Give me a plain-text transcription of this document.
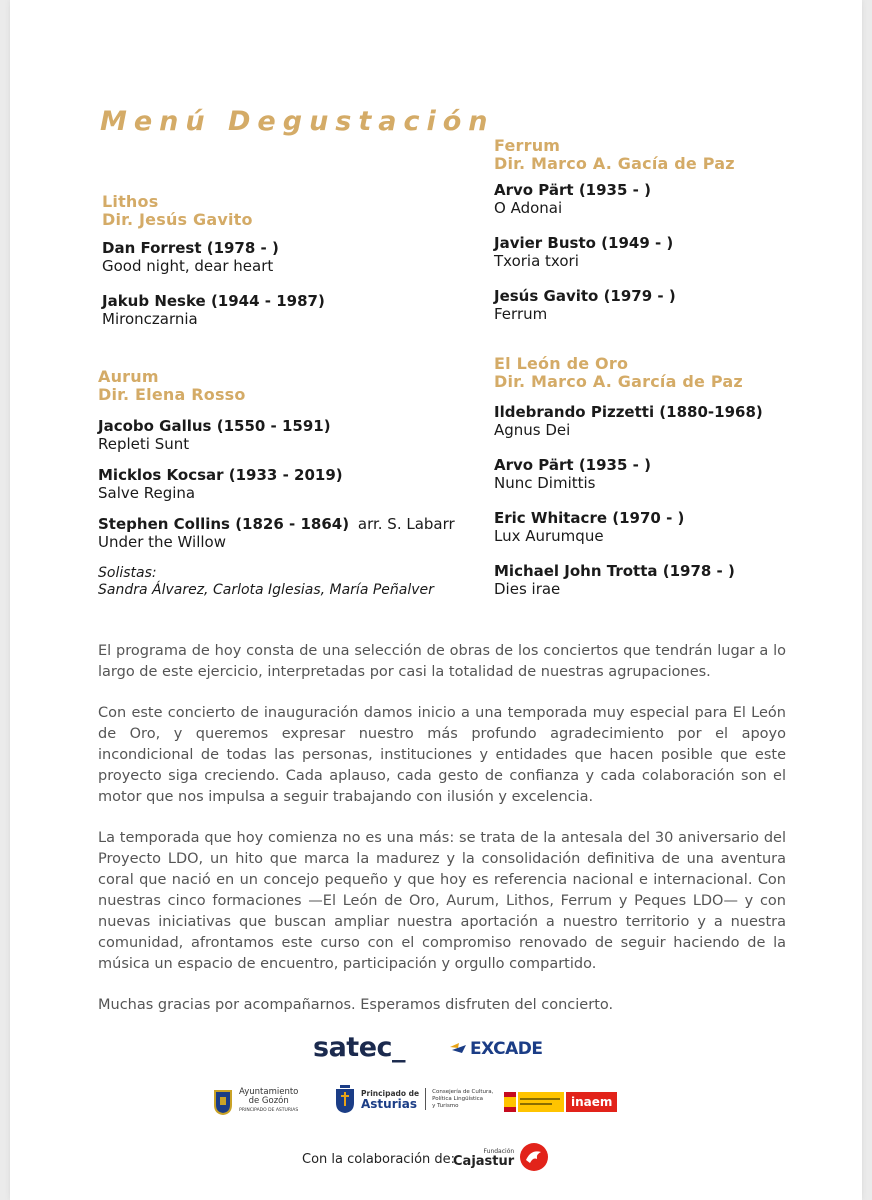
Menú Degustación
Lithos
Dir. Jesús Gavito
Dan Forrest (1978 - )
Good night, dear heart
Jakub Neske (1944 - 1987)
Mironczarnia
Aurum
Dir. Elena Rosso
Jacobo Gallus (1550 - 1591)
Repleti Sunt
Micklos Kocsar (1933 - 2019)
Salve Regina
Stephen Collins (1826 - 1864) arr. S. Labarr
Under the Willow
Solistas:
Sandra Álvarez, Carlota Iglesias, María Peñalver
Ferrum
Dir. Marco A. Gacía de Paz
Arvo Pärt (1935 - )
O Adonai
Javier Busto (1949 - )
Txoria txori
Jesús Gavito (1979 - )
Ferrum
El León de Oro
Dir. Marco A. García de Paz
Ildebrando Pizzetti (1880-1968)
Agnus Dei
Arvo Pärt (1935 - )
Nunc Dimittis
Eric Whitacre (1970 - )
Lux Aurumque
Michael John Trotta (1978 - )
Dies irae

El programa de hoy consta de una selección de obras de los conciertos que tendrán lugar a lo largo de este ejercicio, interpretadas por casi la totalidad de nuestras agrupaciones.

Con este concierto de inauguración damos inicio a una temporada muy especial para El León de Oro, y queremos expresar nuestro más profundo agradecimiento por el apoyo incondicional de todas las personas, instituciones y entidades que hacen posible que este proyecto siga creciendo. Cada aplauso, cada gesto de confianza y cada colaboración son el motor que nos impulsa a seguir trabajando con ilusión y excelencia.

La temporada que hoy comienza no es una más: se trata de la antesala del 30 aniversario del Proyecto LDO, un hito que marca la madurez y la consolidación definitiva de una aventura coral que nació en un concejo pequeño y que hoy es referencia nacional e internacional. Con nuestras cinco formaciones —El León de Oro, Aurum, Lithos, Ferrum y Peques LDO— y con nuevas iniciativas que buscan ampliar nuestra aportación a nuestro territorio y a nuestra comunidad, afrontamos este curso con el compromiso renovado de seguir haciendo de la música un espacio de encuentro, participación y orgullo compartido.

Muchas gracias por acompañarnos. Esperamos disfruten del concierto.

satec_	EXCADE
Ayuntamiento
de Gozón
PRINCIPADO DE ASTURIAS
Principado de
Asturias
Consejería de Cultura,
Política Lingüística
y Turismo	inaem
Con la colaboración de:
Fundación
Cajastur
